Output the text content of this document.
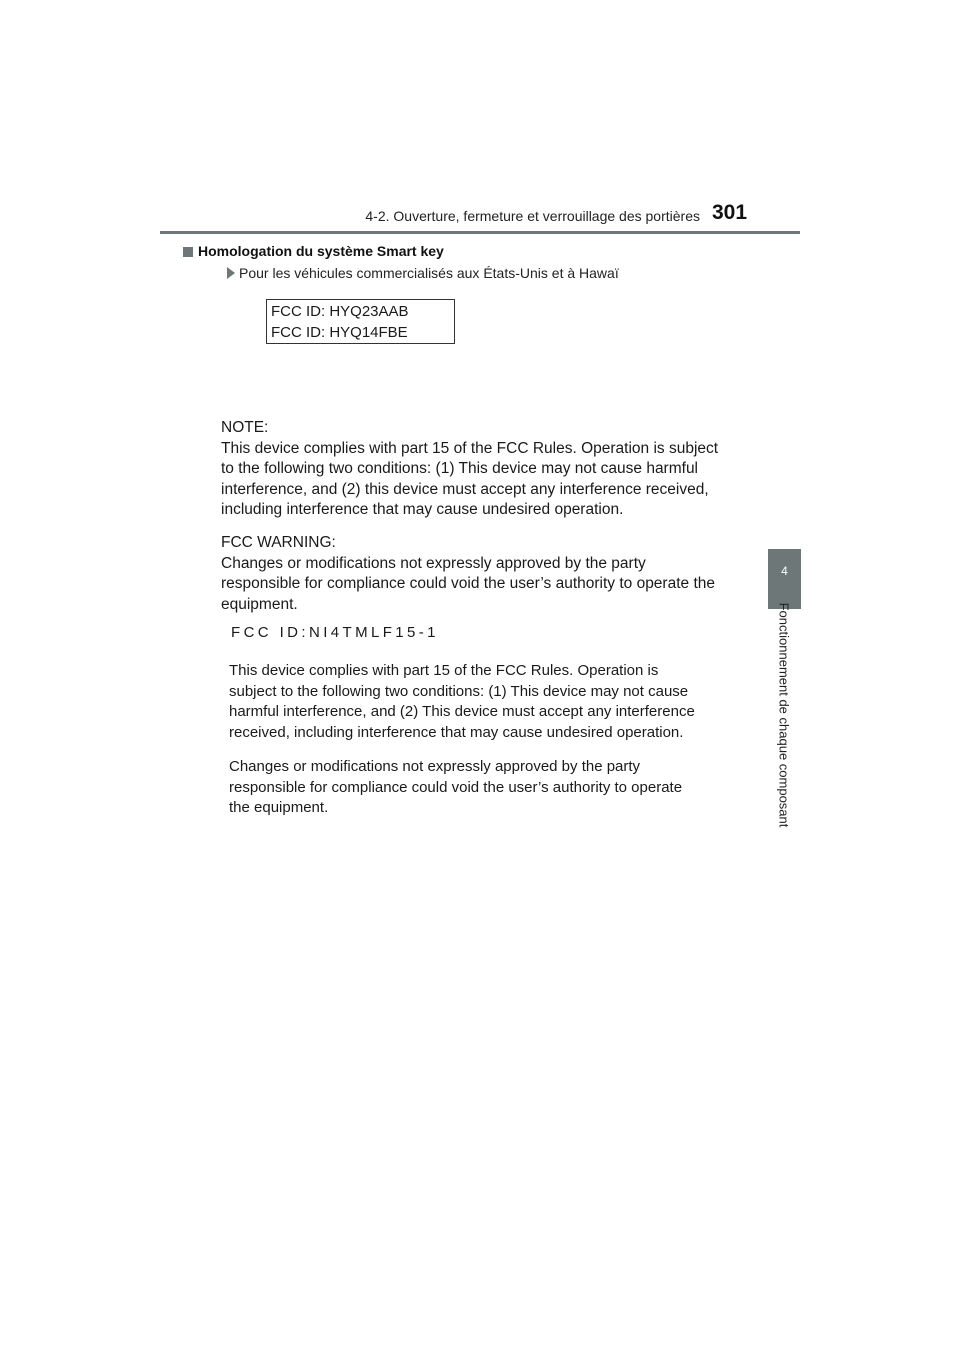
4-2. Ouverture, fermeture et verrouillage des portières 301
4
Fonctionnement de chaque composant
Homologation du système Smart key
Pour les véhicules commercialisés aux États-Unis et à Hawaï
FCC ID: HYQ23AAB
FCC ID: HYQ14FBE

NOTE:

This device complies with part 15 of the FCC Rules. Operation is subject

to the following two conditions: (1) This device may not cause harmful

interference, and (2) this device must accept any interference received,

including interference that may cause undesired operation.

FCC WARNING:

Changes or modifications not expressly approved by the party

responsible for compliance could void the user’s authority to operate the

equipment.

FCC ID:NI4TMLF15-1

This device complies with part 15 of the FCC Rules. Operation is

subject to the following two conditions: (1) This device may not cause

harmful interference, and (2) This device must accept any interference

received, including interference that may cause undesired operation.

Changes or modifications not expressly approved by the party

responsible for compliance could void the user’s authority to operate

the equipment.
